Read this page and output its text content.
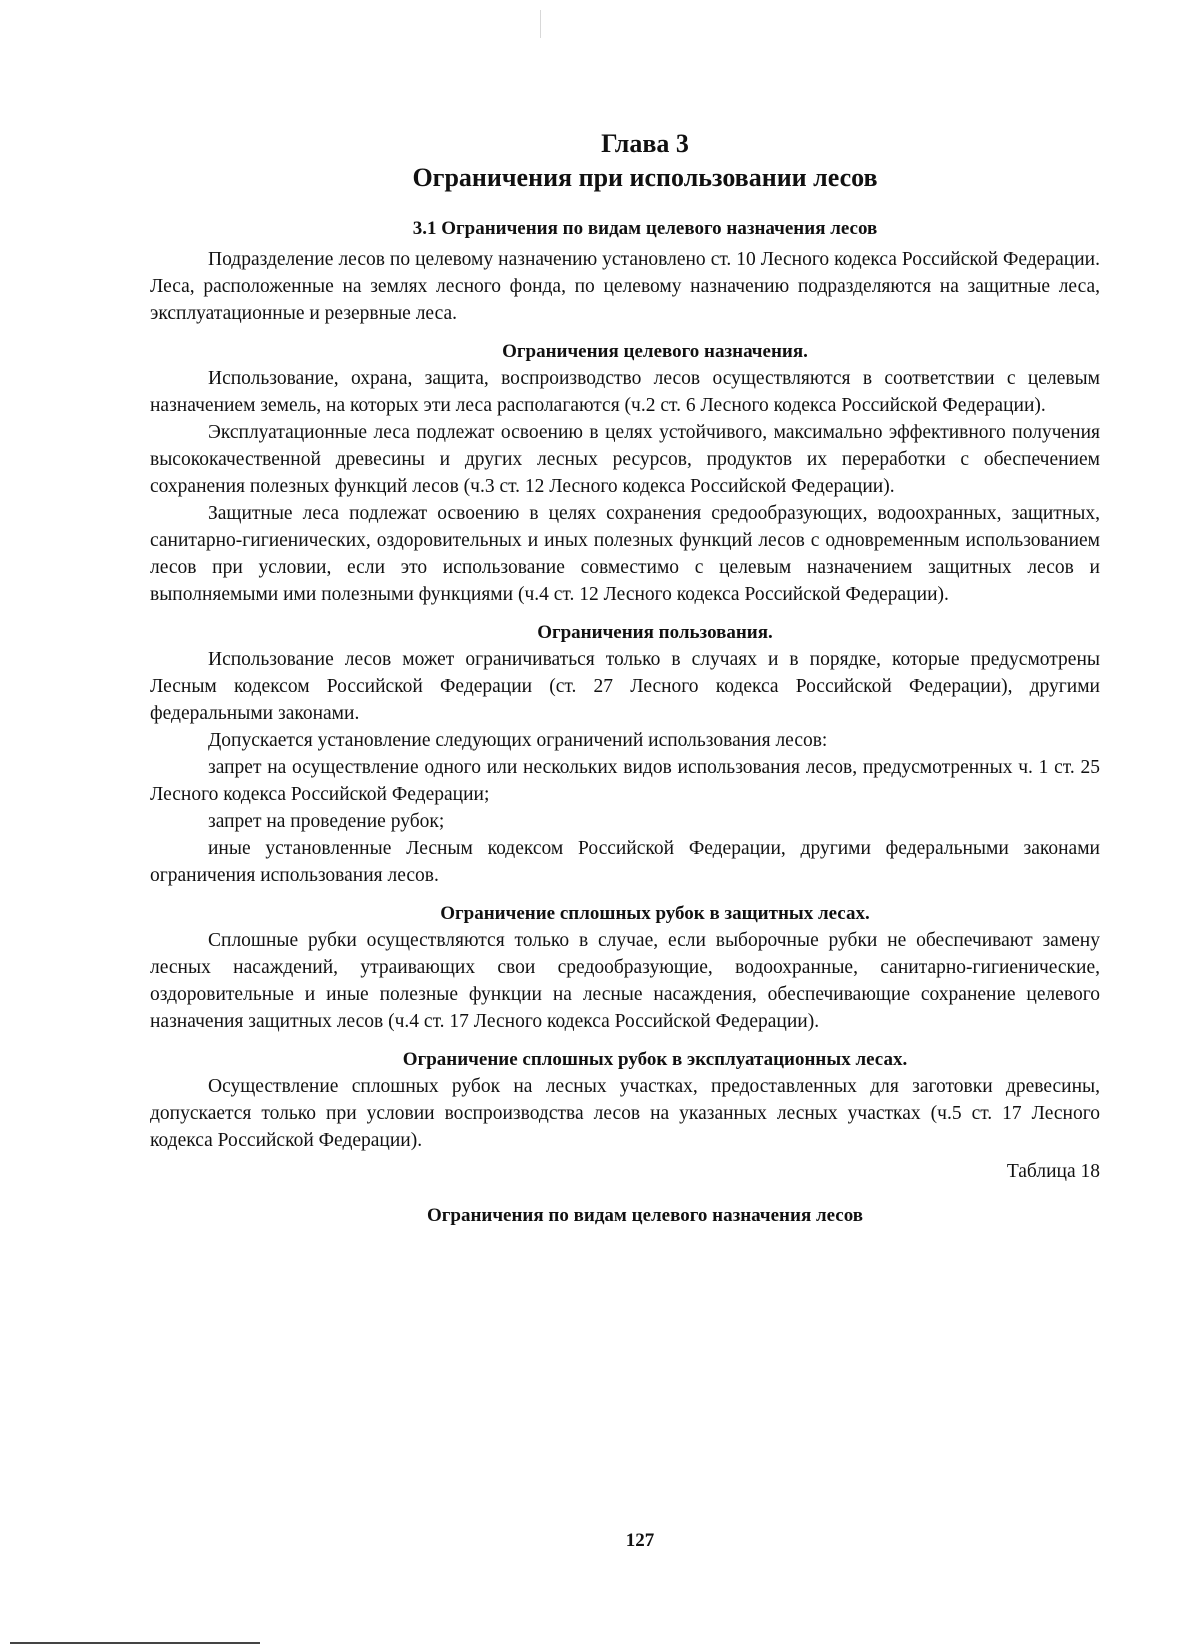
Глава 3
Ограничения при использовании лесов
3.1 Ограничения по видам целевого назначения лесов

Подразделение лесов по целевому назначению установлено ст. 10 Лесного кодекса Российской Федерации. Леса, расположенные на землях лесного фонда, по целевому назначению подразделяются на защитные леса, эксплуатационные и резервные леса.

Ограничения целевого назначения.

Использование, охрана, защита, воспроизводство лесов осуществляются в соответствии с целевым назначением земель, на которых эти леса располагаются (ч.2 ст. 6 Лесного кодекса Российской Федерации).

Эксплуатационные леса подлежат освоению в целях устойчивого, максимально эффективного получения высококачественной древесины и других лесных ресурсов, продуктов их переработки с обеспечением сохранения полезных функций лесов (ч.3 ст. 12 Лесного кодекса Российской Федерации).

Защитные леса подлежат освоению в целях сохранения средообразующих, водоохранных, защитных, санитарно-гигиенических, оздоровительных и иных полезных функций лесов с одновременным использованием лесов при условии, если это использование совместимо с целевым назначением защитных лесов и выполняемыми ими полезными функциями (ч.4 ст. 12 Лесного кодекса Российской Федерации).

Ограничения пользования.

Использование лесов может ограничиваться только в случаях и в порядке, которые предусмотрены Лесным кодексом Российской Федерации (ст. 27 Лесного кодекса Российской Федерации), другими федеральными законами.

Допускается установление следующих ограничений использования лесов:

запрет на осуществление одного или нескольких видов использования лесов, предусмотренных ч. 1 ст. 25 Лесного кодекса Российской Федерации;

запрет на проведение рубок;

иные установленные Лесным кодексом Российской Федерации, другими федеральными законами ограничения использования лесов.

Ограничение сплошных рубок в защитных лесах.

Сплошные рубки осуществляются только в случае, если выборочные рубки не обеспечивают замену лесных насаждений, утраивающих свои средообразующие, водоохранные, санитарно-гигиенические, оздоровительные и иные полезные функции на лесные насаждения, обеспечивающие сохранение целевого назначения защитных лесов (ч.4 ст. 17 Лесного кодекса Российской Федерации).

Ограничение сплошных рубок в эксплуатационных лесах.

Осуществление сплошных рубок на лесных участках, предоставленных для заготовки древесины, допускается только при условии воспроизводства лесов на указанных лесных участках (ч.5 ст. 17 Лесного кодекса Российской Федерации).

Таблица 18
Ограничения по видам целевого назначения лесов
127
